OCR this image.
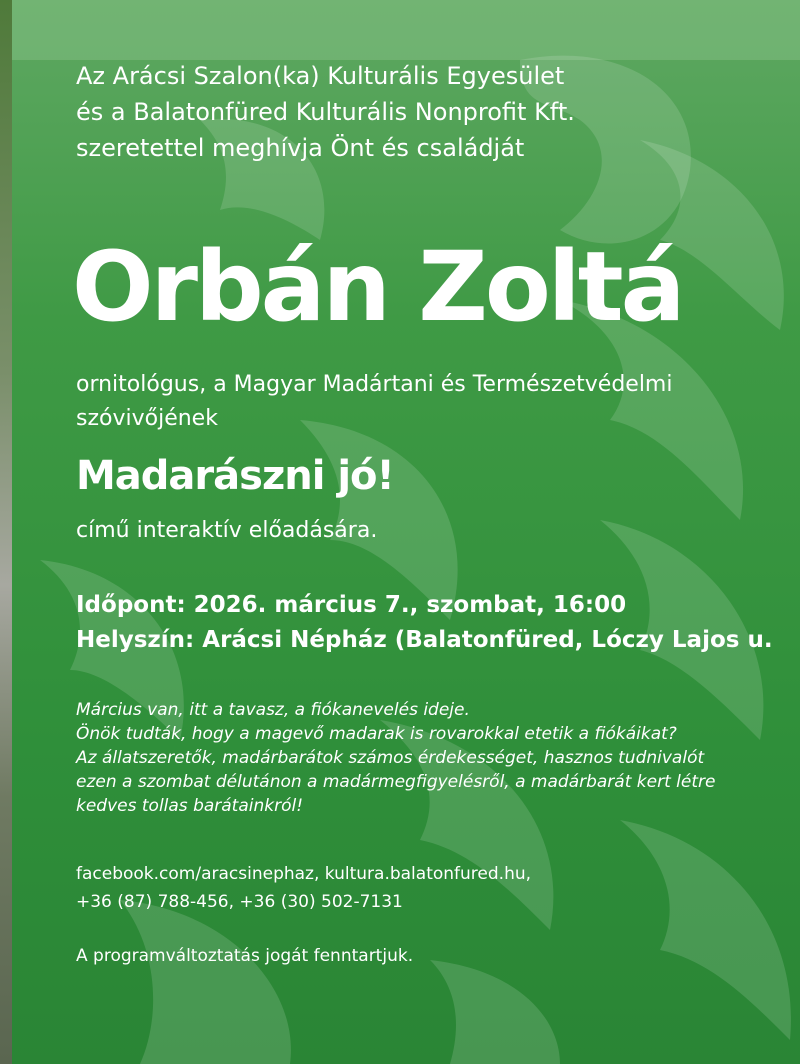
Az Arácsi Szalon(ka) Kulturális Egyesület
és a Balatonfüred Kulturális Nonprofit Kft.
szeretettel meghívja Önt és családját
Orbán Zoltá
ornitológus, a Magyar Madártani és Természetvédelmi
szóvivőjének
Madarászni jó!
című interaktív előadására.
Időpont: 2026. március 7., szombat, 16:00
Helyszín: Arácsi Népház (Balatonfüred, Lóczy Lajos u.
Március van, itt a tavasz, a fiókanevelés ideje.
Önök tudták, hogy a magevő madarak is rovarokkal etetik a fiókáikat?
Az állatszeretők, madárbarátok számos érdekességet, hasznos tudnivalót
ezen a szombat délutánon a madármegfigyelésről, a madárbarát kert létre
kedves tollas barátainkról!
facebook.com/aracsinephaz, kultura.balatonfured.hu,
+36 (87) 788-456, +36 (30) 502-7131
A programváltoztatás jogát fenntartjuk.
